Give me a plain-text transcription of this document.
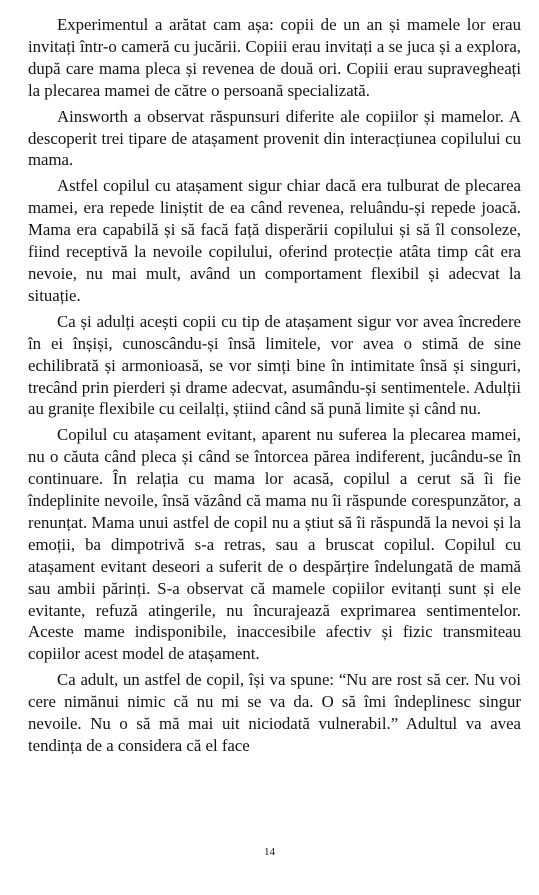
Experimentul a arătat cam așa: copii de un an și mamele lor erau invitați într-o cameră cu jucării. Copiii erau invitați a se juca și a explora, după care mama pleca și revenea de două ori. Copiii erau supravegheați la plecarea mamei de către o persoană specializată.

Ainsworth a observat răspunsuri diferite ale copiilor și mamelor. A descoperit trei tipare de atașament provenit din interacțiunea copilului cu mama.

Astfel copilul cu atașament sigur chiar dacă era tulburat de plecarea mamei, era repede liniștit de ea când revenea, reluându-și repede joacă. Mama era capabilă și să facă față disperării copilului și să îl consoleze, fiind receptivă la nevoile copilului, oferind protecție atâta timp cât era nevoie, nu mai mult, având un comportament flexibil și adecvat la situație.

Ca și adulți acești copii cu tip de atașament sigur vor avea încredere în ei înșiși, cunoscându-și însă limitele, vor avea o stimă de sine echilibrată și armonioasă, se vor simți bine în intimitate însă și singuri, trecând prin pierderi și drame adecvat, asumându-și sentimentele. Adulții au granițe flexibile cu ceilalți, știind când să pună limite și când nu.

Copilul cu atașament evitant, aparent nu suferea la plecarea mamei, nu o căuta când pleca și când se întorcea părea indiferent, jucându-se în continuare. În relația cu mama lor acasă, copilul a cerut să îi fie îndeplinite nevoile, însă văzând că mama nu îi răspunde corespunzător, a renunțat. Mama unui astfel de copil nu a știut să îi răspundă la nevoi și la emoții, ba dimpotrivă s-a retras, sau a bruscat copilul. Copilul cu atașament evitant deseori a suferit de o despărțire îndelungată de mamă sau ambii părinți. S-a observat că mamele copiilor evitanți sunt și ele evitante, refuză atingerile, nu încurajează exprimarea sentimentelor. Aceste mame indisponibile, inaccesibile afectiv și fizic transmiteau copiilor acest model de atașament.

Ca adult, un astfel de copil, își va spune: “Nu are rost să cer. Nu voi cere nimănui nimic că nu mi se va da. O să îmi îndeplinesc singur nevoile. Nu o să mă mai uit niciodată vulnerabil.” Adultul va avea tendința de a considera că el face

14
